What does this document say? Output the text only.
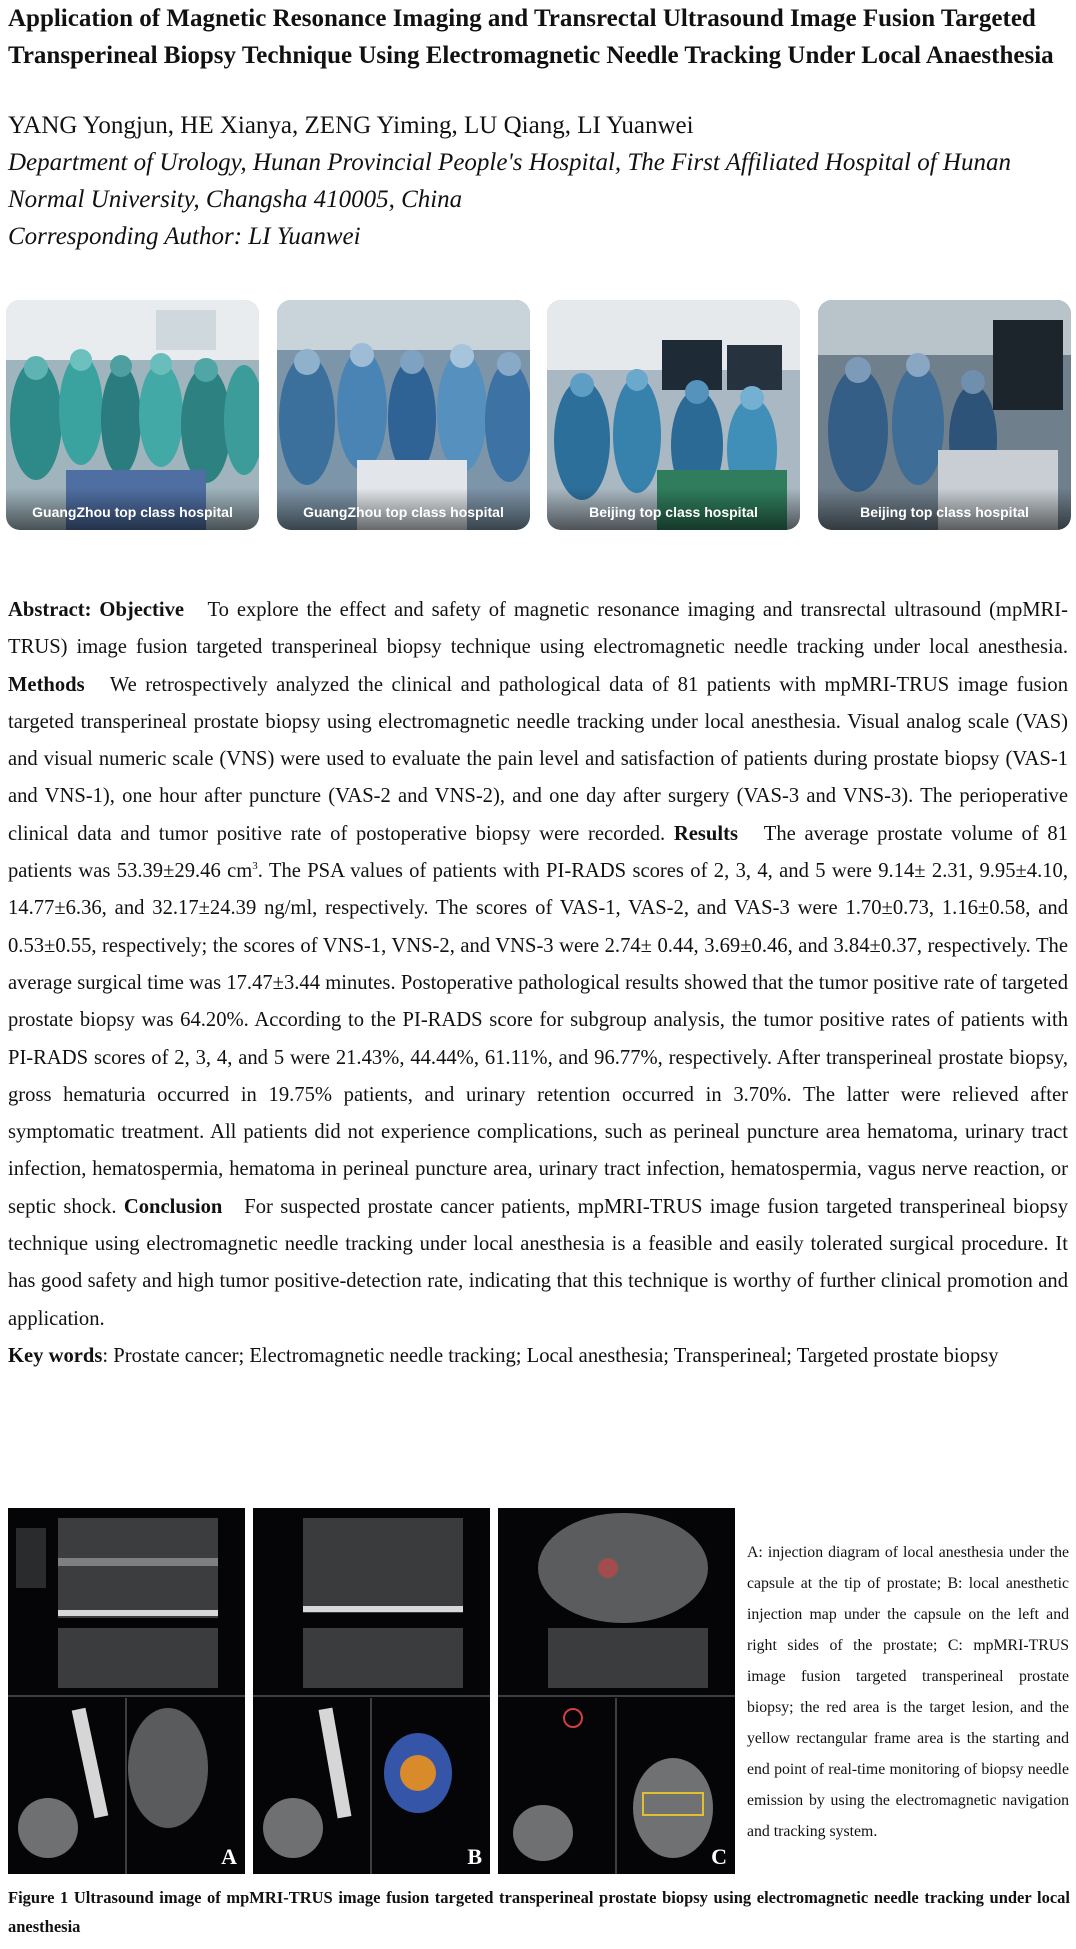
Application of Magnetic Resonance Imaging and Transrectal Ultrasound Image Fusion Targeted Transperineal Biopsy Technique Using Electromagnetic Needle Tracking Under Local Anaesthesia
YANG Yongjun, HE Xianya, ZENG Yiming, LU Qiang, LI Yuanwei
Department of Urology, Hunan Provincial People's Hospital, The First Affiliated Hospital of Hunan Normal University, Changsha 410005, China
Corresponding Author: LI Yuanwei
GuangZhou top class hospital	GuangZhou top class hospital	Beijing top class hospital	Beijing top class hospital

Abstract: Objective To explore the effect and safety of magnetic resonance imaging and transrectal ultrasound (mpMRI-TRUS) image fusion targeted transperineal biopsy technique using electromagnetic needle tracking under local anesthesia. Methods We retrospectively analyzed the clinical and pathological data of 81 patients with mpMRI-TRUS image fusion targeted transperineal prostate biopsy using electromagnetic needle tracking under local anesthesia. Visual analog scale (VAS) and visual numeric scale (VNS) were used to evaluate the pain level and satisfaction of patients during prostate biopsy (VAS-1 and VNS-1), one hour after puncture (VAS-2 and VNS-2), and one day after surgery (VAS-3 and VNS-3). The perioperative clinical data and tumor positive rate of postoperative biopsy were recorded. Results The average prostate volume of 81 patients was 53.39±29.46 $cm^3$. The PSA values of patients with PI-RADS scores of 2, 3, 4, and 5 were 9.14± 2.31, 9.95±4.10, 14.77±6.36, and 32.17±24.39 ng/ml, respectively. The scores of VAS-1, VAS-2, and VAS-3 were 1.70±0.73, 1.16±0.58, and 0.53±0.55, respectively; the scores of VNS-1, VNS-2, and VNS-3 were 2.74± 0.44, 3.69±0.46, and 3.84±0.37, respectively. The average surgical time was 17.47±3.44 minutes. Postoperative pathological results showed that the tumor positive rate of targeted prostate biopsy was 64.20%. According to the PI-RADS score for subgroup analysis, the tumor positive rates of patients with PI-RADS scores of 2, 3, 4, and 5 were 21.43%, 44.44%, 61.11%, and 96.77%, respectively. After transperineal prostate biopsy, gross hematuria occurred in 19.75% patients, and urinary retention occurred in 3.70%. The latter were relieved after symptomatic treatment. All patients did not experience complications, such as perineal puncture area hematoma, urinary tract infection, hematospermia, hematoma in perineal puncture area, urinary tract infection, hematospermia, vagus nerve reaction, or septic shock. Conclusion For suspected prostate cancer patients, mpMRI-TRUS image fusion targeted transperineal biopsy technique using electromagnetic needle tracking under local anesthesia is a feasible and easily tolerated surgical procedure. It has good safety and high tumor positive-detection rate, indicating that this technique is worthy of further clinical promotion and application.
Key words: Prostate cancer; Electromagnetic needle tracking; Local anesthesia; Transperineal; Targeted prostate biopsy

A	B	C
A: injection diagram of local anesthesia under the capsule at the tip of prostate; B: local anesthetic injection map under the capsule on the left and right sides of the prostate; C: mpMRI-TRUS image fusion targeted transperineal prostate biopsy; the red area is the target lesion, and the yellow rectangular frame area is the starting and end point of real-time monitoring of biopsy needle emission by using the electromagnetic navigation and tracking system.
Figure 1 Ultrasound image of mpMRI-TRUS image fusion targeted transperineal prostate biopsy using electromagnetic needle tracking under local anesthesia
